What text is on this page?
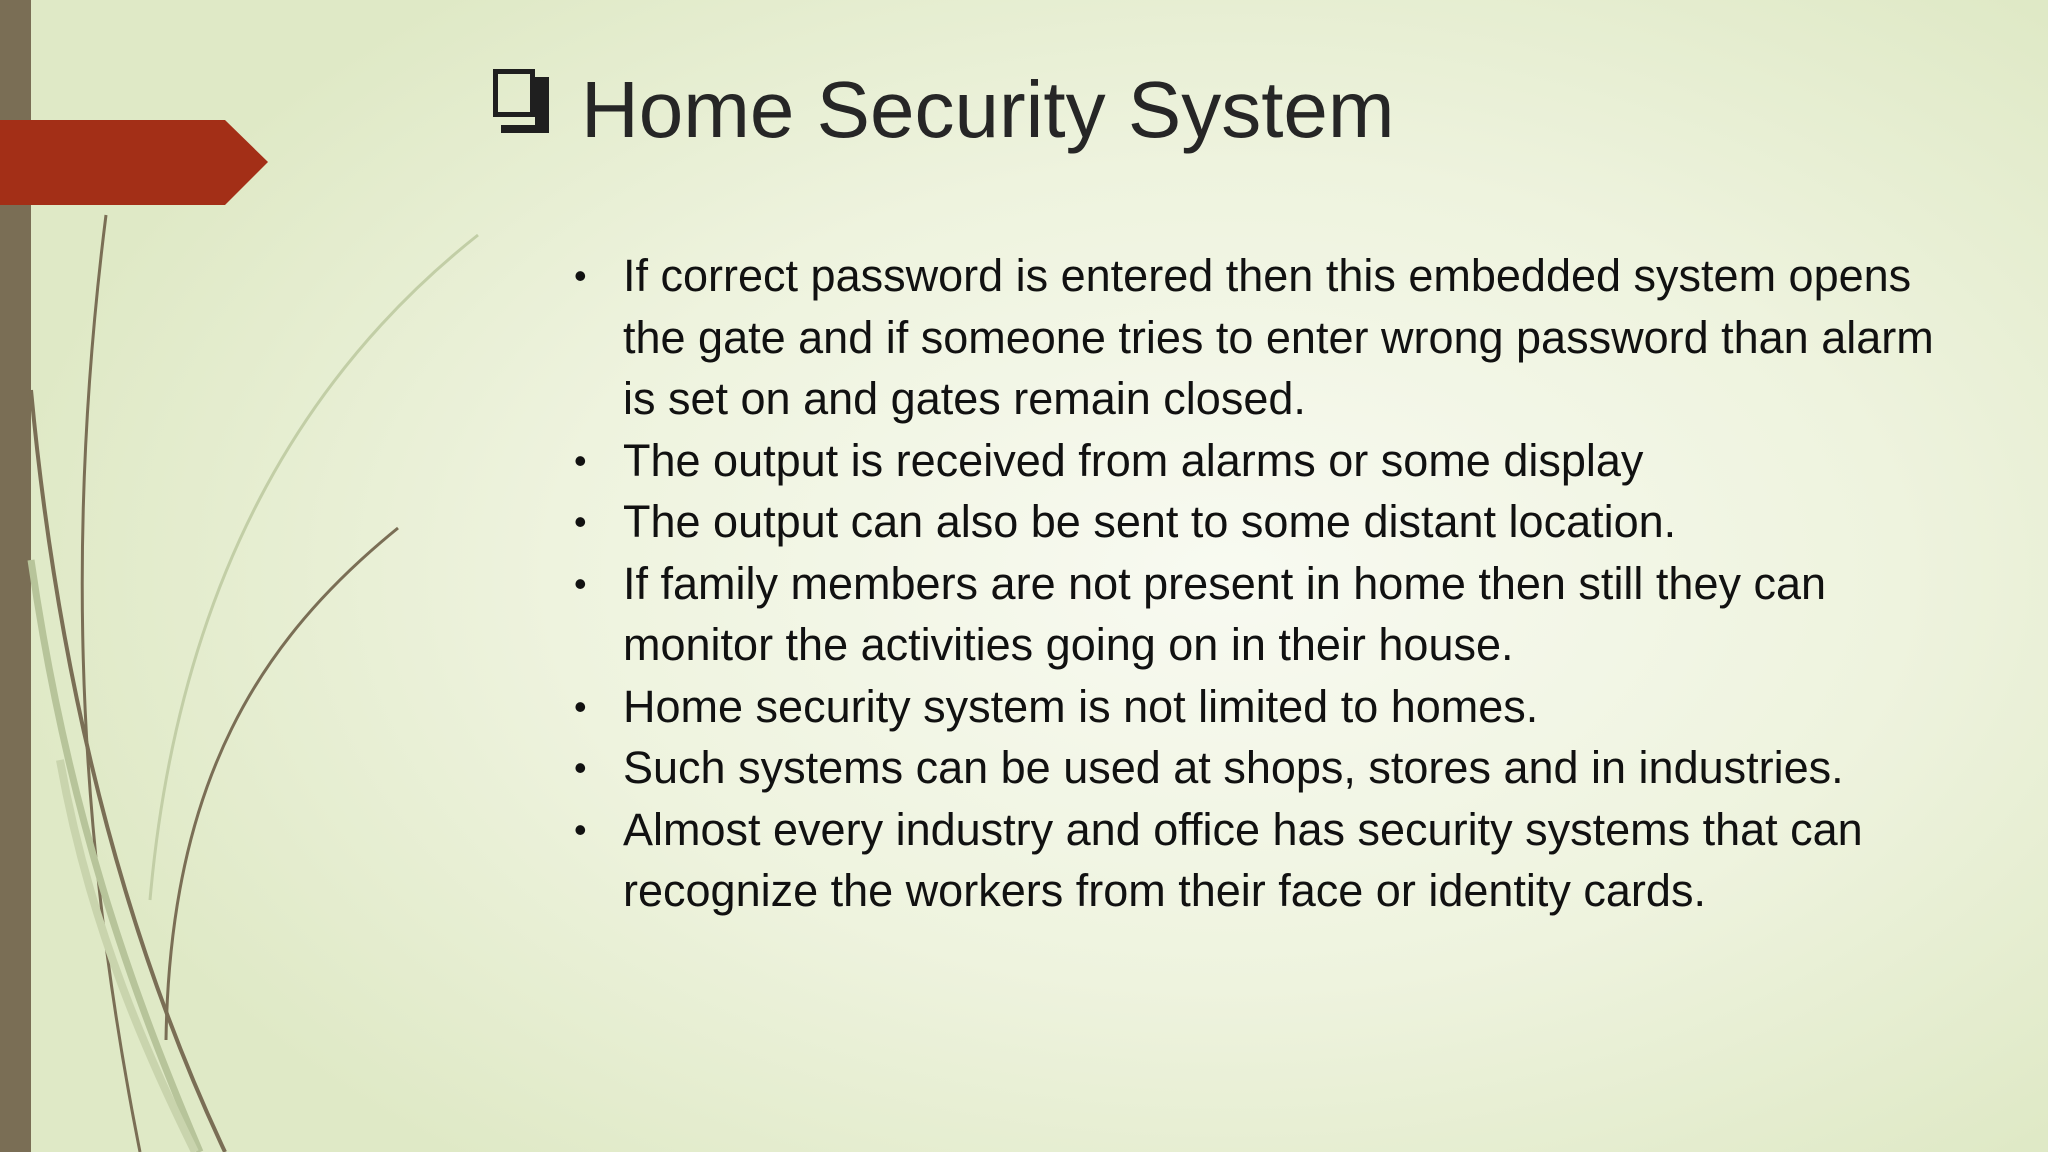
Home Security System
• If correct password is entered then this embedded system opens the gate and if someone tries to enter wrong password than alarm is set on and gates remain closed.
• The output is received from alarms or some display
• The output can also be sent to some distant location.
• If family members are not present in home then still they can monitor the activities going on in their house.
• Home security system is not limited to homes.
• Such systems can be used at shops, stores and in industries.
• Almost every industry and office has security systems that can recognize the workers from their face or identity cards.
